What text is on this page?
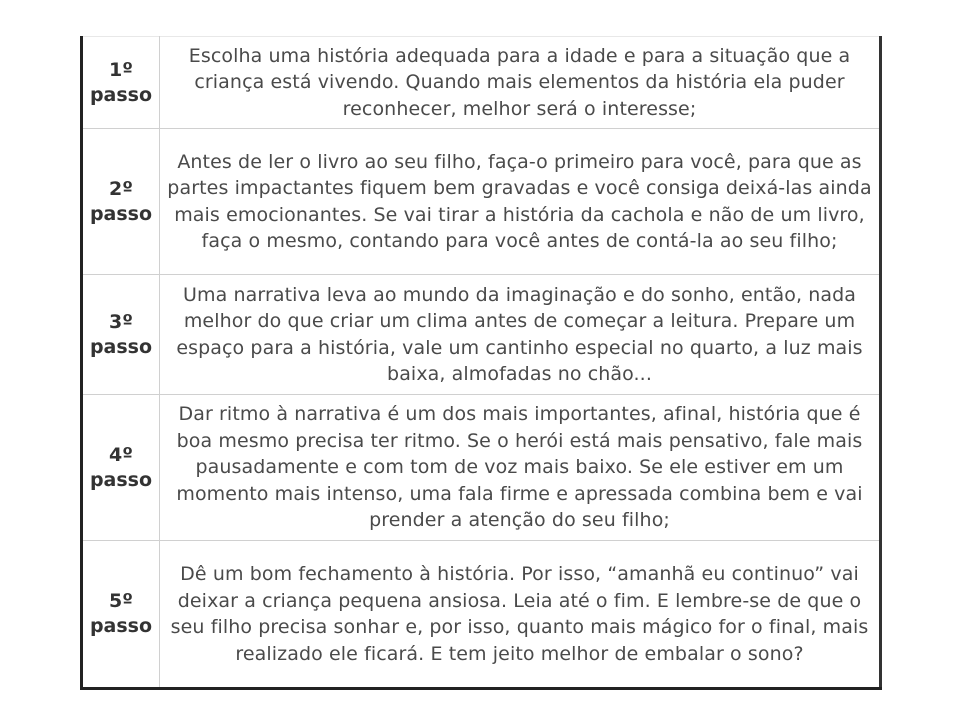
1º
passo	Escolha uma história adequada para a idade e para a situação que a criança está vivendo. Quando mais elementos da história ela puder reconhecer, melhor será o interesse;

2º
passo	Antes de ler o livro ao seu filho, faça-o primeiro para você, para que as partes impactantes fiquem bem gravadas e você consiga deixá-las ainda mais emocionantes. Se vai tirar a história da cachola e não de um livro, faça o mesmo, contando para você antes de contá-la ao seu filho;

3º
passo	Uma narrativa leva ao mundo da imaginação e do sonho, então, nada melhor do que criar um clima antes de começar a leitura. Prepare um espaço para a história, vale um cantinho especial no quarto, a luz mais baixa, almofadas no chão...

4º
passo	Dar ritmo à narrativa é um dos mais importantes, afinal, história que é boa mesmo precisa ter ritmo. Se o herói está mais pensativo, fale mais pausadamente e com tom de voz mais baixo. Se ele estiver em um momento mais intenso, uma fala firme e apressada combina bem e vai prender a atenção do seu filho;

5º
passo	Dê um bom fechamento à história. Por isso, “amanhã eu continuo” vai deixar a criança pequena ansiosa. Leia até o fim. E lembre-se de que o seu filho precisa sonhar e, por isso, quanto mais mágico for o final, mais realizado ele ficará. E tem jeito melhor de embalar o sono?
